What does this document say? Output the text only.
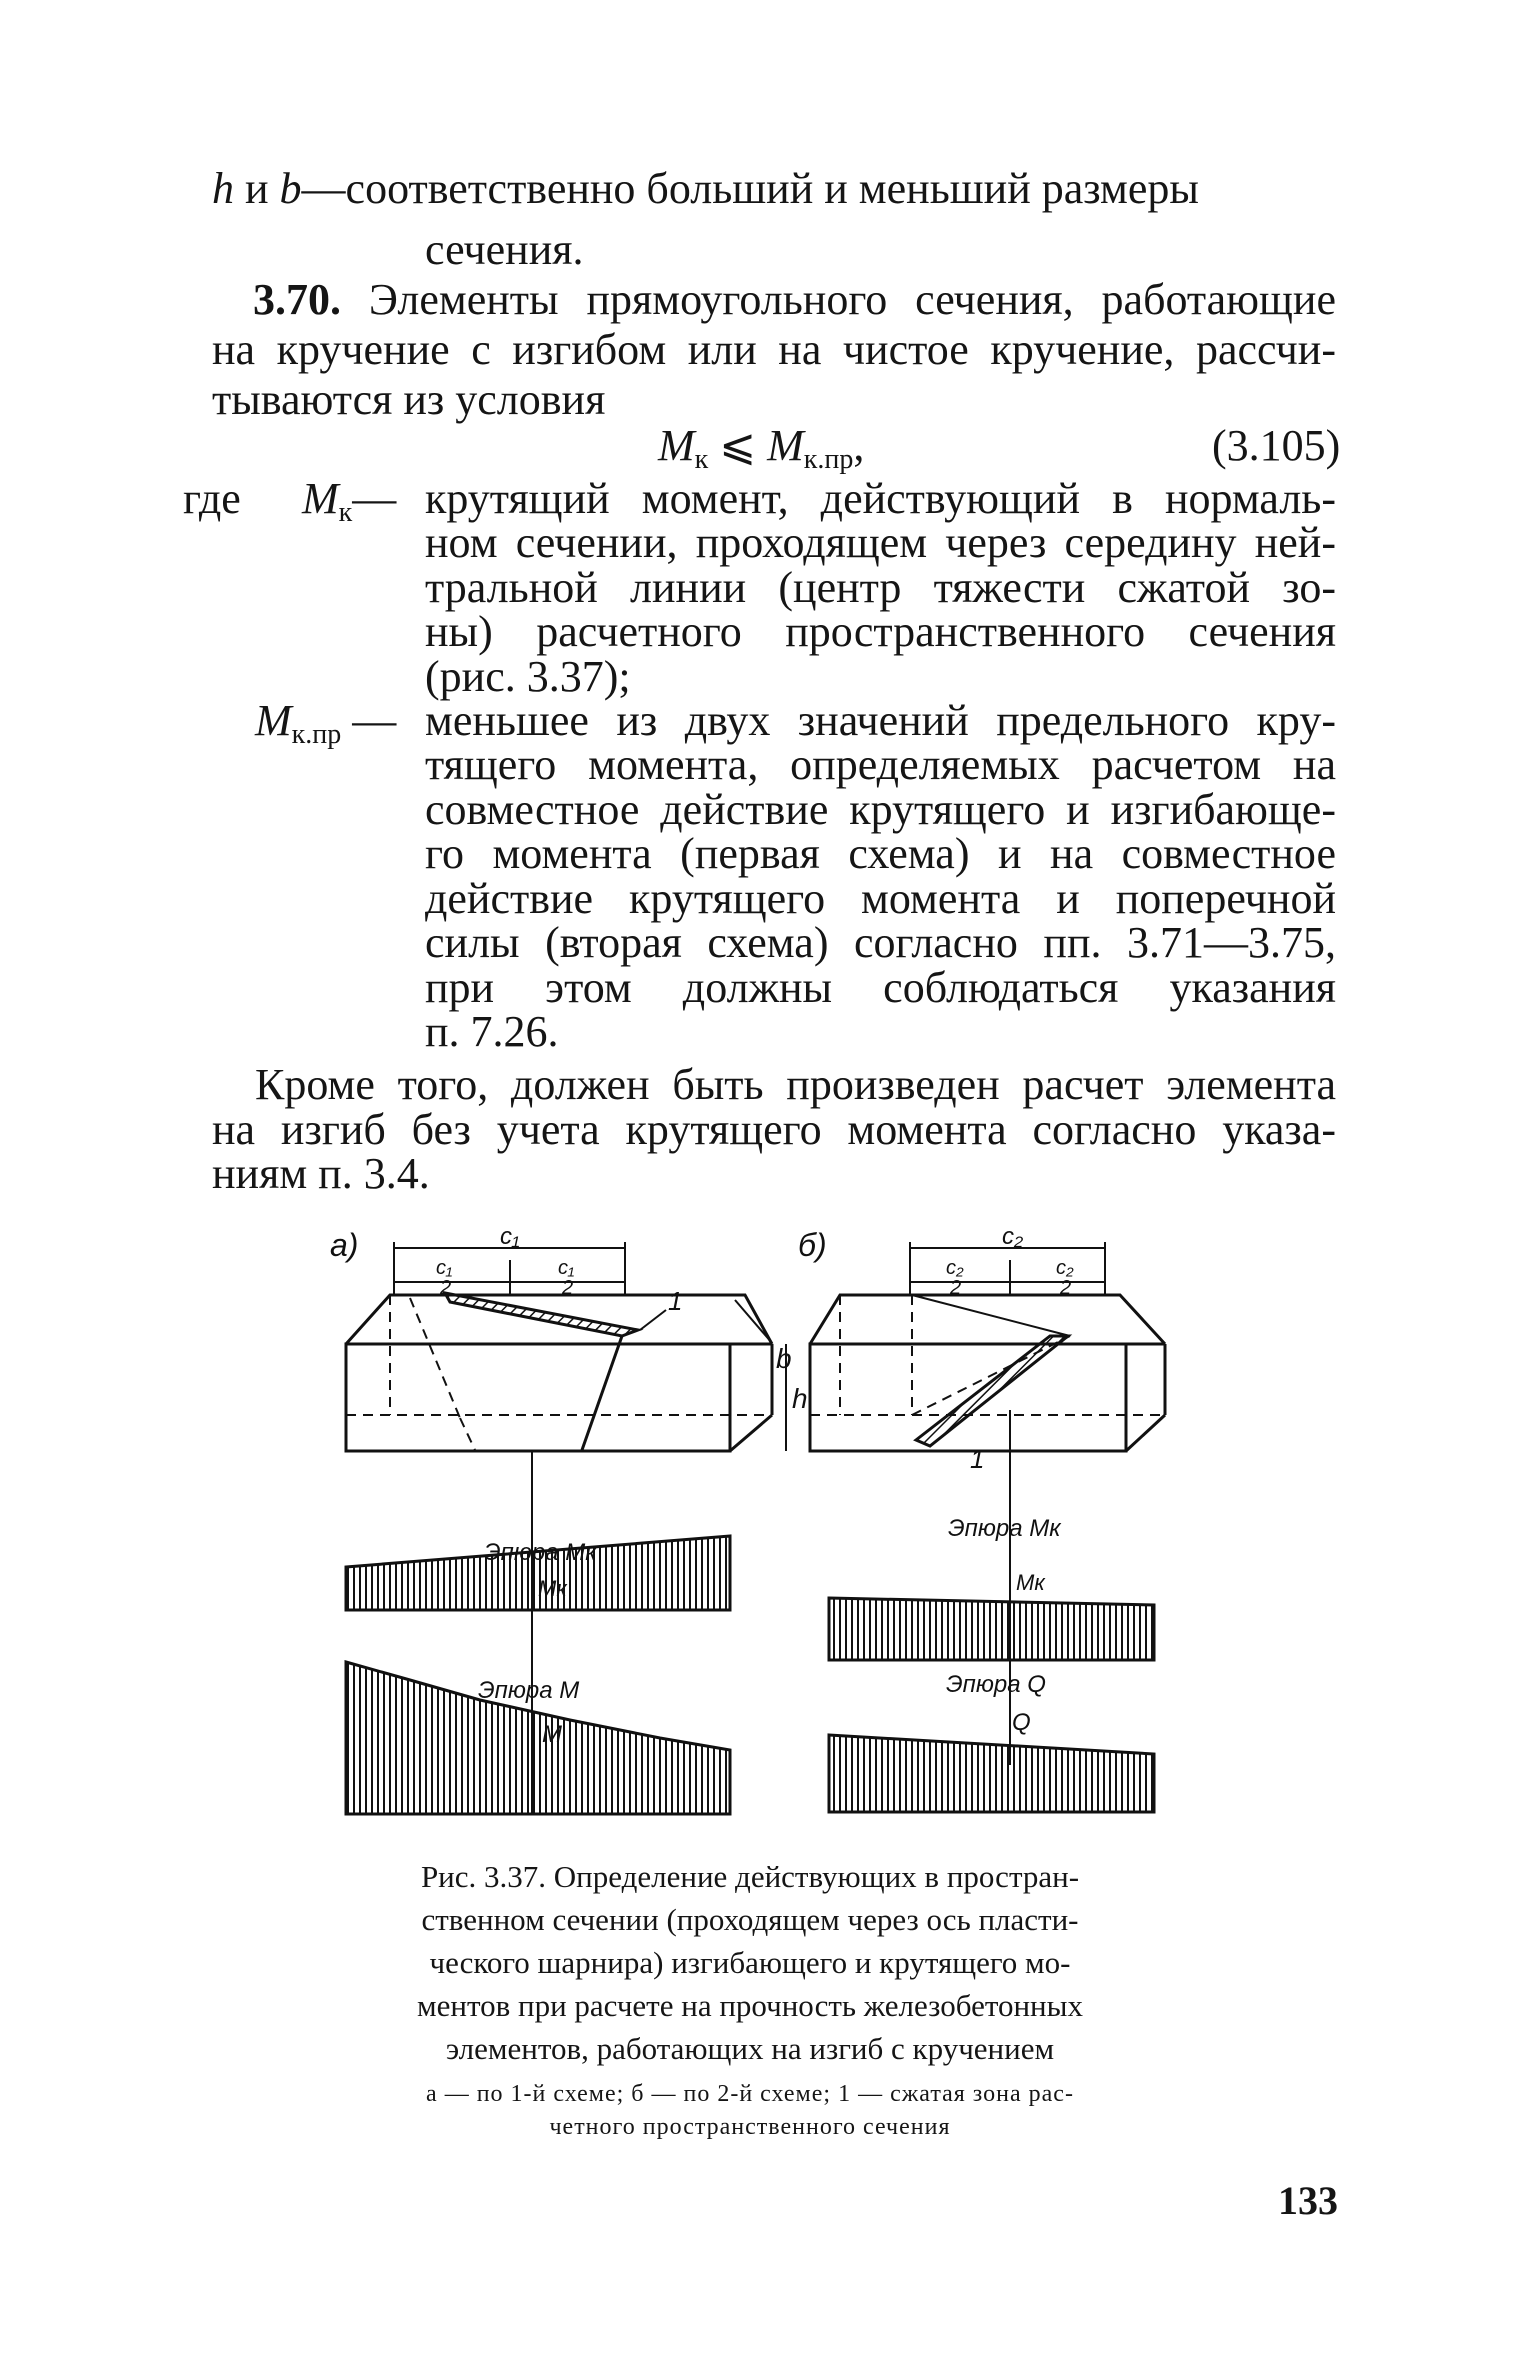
h и b—соответственно больший и меньший размеры
сечения.
3.70. Элементы прямоугольного сечения, работающие
на кручение с изгибом или на чистое кручение, рассчи-
тываются из условия
$M_к$ ⩽ $M_{к.пр}$,	(3.105)
где $M_к—$ крутящий момент, действующий в нормаль-
ном сечении, проходящем через середину ней-
тральной линии (центр тяжести сжатой зо-
ны) расчетного пространственного сечения
(рис. 3.37);
$M_{к.пр}$ — меньшее из двух значений предельного кру-
тящего момента, определяемых расчетом на
совместное действие крутящего и изгибающе-
го момента (первая схема) и на совместное
действие крутящего момента и поперечной
силы (вторая схема) согласно пп. 3.71—3.75,
при этом должны соблюдаться указания
п. 7.26.
Кроме того, должен быть произведен расчет элемента
на изгиб без учета крутящего момента согласно указа-
ниям п. 3.4.
а)	б)
c₁
c₁
2
c₁
2
c₂
c₂
2
c₂
2
1
1
b
h
Эпюра Mк
Mк
Эпюра M
M
Эпюра Mк
Mк
Эпюра Q
Q
Рис. 3.37. Определение действующих в простран-
ственном сечении (проходящем через ось пласти-
ческого шарнира) изгибающего и крутящего мо-
ментов при расчете на прочность железобетонных
элементов, работающих на изгиб с кручением
а — по 1-й схеме; б — по 2-й схеме; 1 — сжатая зона рас-
четного пространственного сечения
133
